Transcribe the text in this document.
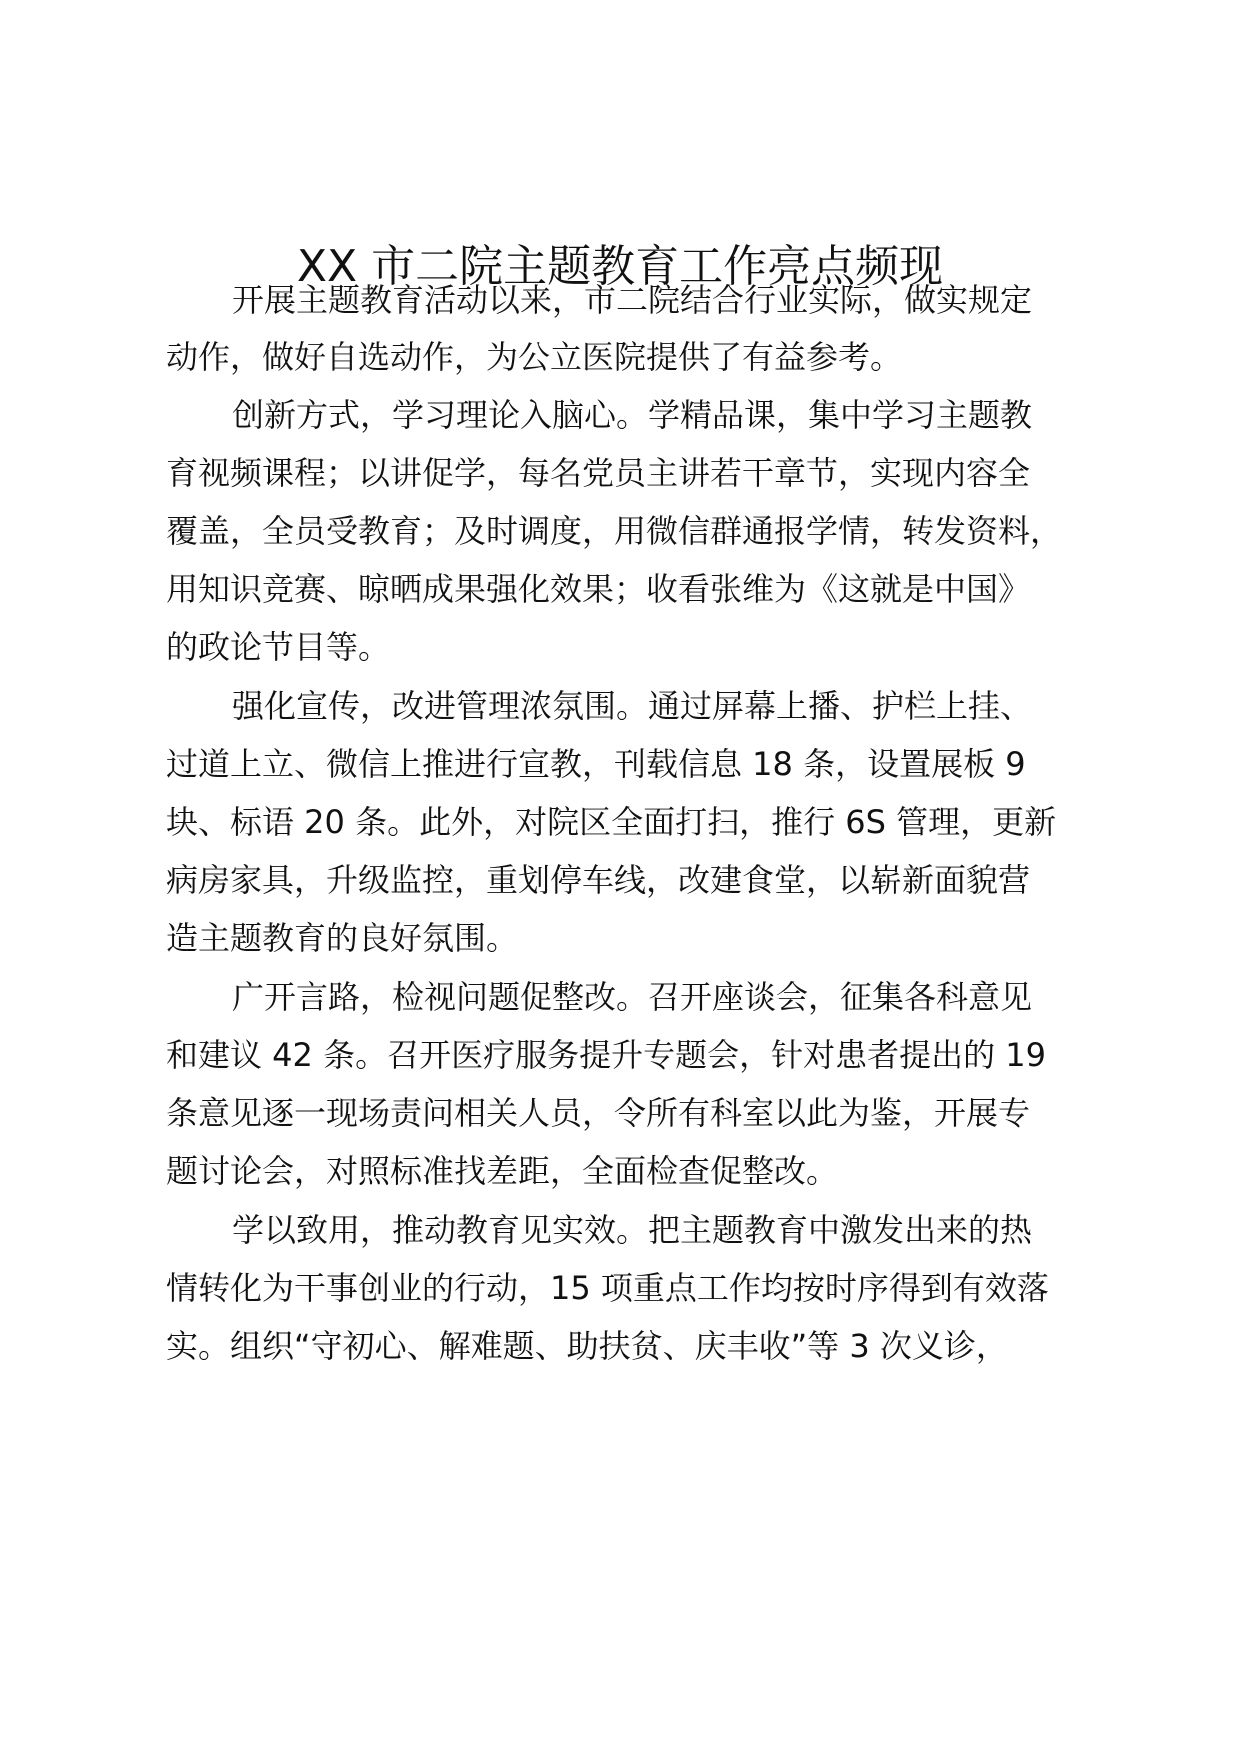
XX 市二院主题教育工作亮点频现

开展主题教育活动以来，市二院结合行业实际，做实规定

动作，做好自选动作，为公立医院提供了有益参考。

创新方式，学习理论入脑心。学精品课，集中学习主题教

育视频课程；以讲促学，每名党员主讲若干章节，实现内容全

覆盖，全员受教育；及时调度，用微信群通报学情，转发资料，

用知识竞赛、晾晒成果强化效果；收看张维为《这就是中国》

的政论节目等。

强化宣传，改进管理浓氛围。通过屏幕上播、护栏上挂、

过道上立、微信上推进行宣教，刊载信息 18 条，设置展板 9

块、标语 20 条。此外，对院区全面打扫，推行 6S 管理，更新

病房家具，升级监控，重划停车线，改建食堂，以崭新面貌营

造主题教育的良好氛围。

广开言路，检视问题促整改。召开座谈会，征集各科意见

和建议 42 条。召开医疗服务提升专题会，针对患者提出的 19

条意见逐一现场责问相关人员，令所有科室以此为鉴，开展专

题讨论会，对照标准找差距，全面检查促整改。

学以致用，推动教育见实效。把主题教育中激发出来的热

情转化为干事创业的行动，15 项重点工作均按时序得到有效落

实。组织“守初心、解难题、助扶贫、庆丰收”等 3 次义诊，
